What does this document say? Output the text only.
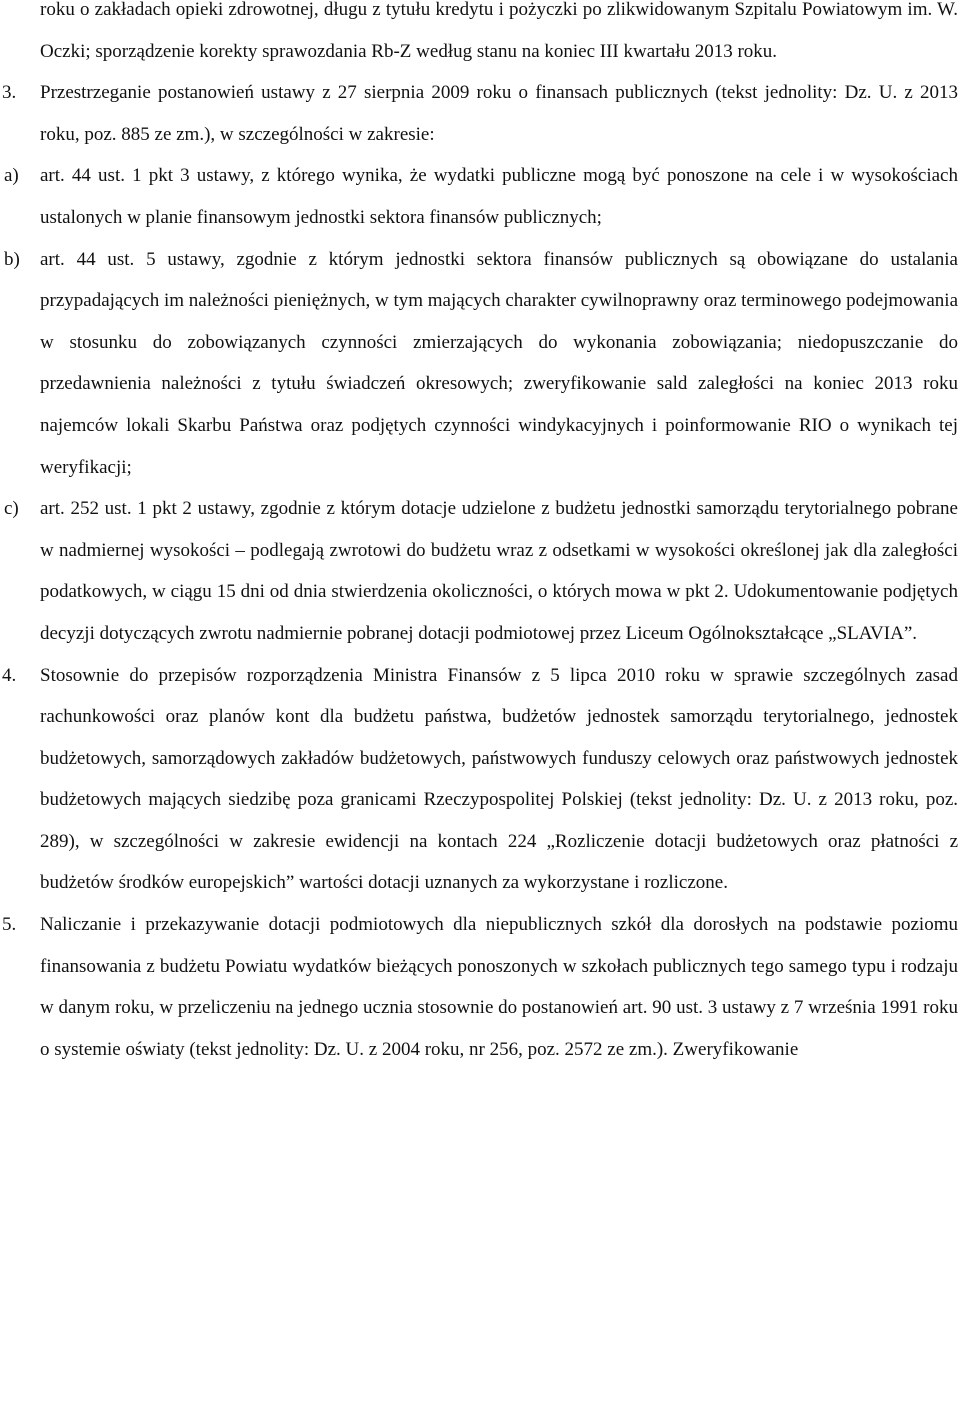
roku o zakładach opieki zdrowotnej, długu z tytułu kredytu i pożyczki po zlikwidowanym Szpitalu Powiatowym im. W. Oczki; sporządzenie korekty sprawozdania Rb-Z według stanu na koniec III kwartału 2013 roku.
3.	Przestrzeganie postanowień ustawy z 27 sierpnia 2009 roku o finansach publicznych (tekst jednolity: Dz. U. z 2013 roku, poz. 885 ze zm.), w szczególności w zakresie:
a)	art. 44 ust. 1 pkt 3 ustawy, z którego wynika, że wydatki publiczne mogą być ponoszone na cele i w wysokościach ustalonych w planie finansowym jednostki sektora finansów publicznych;
b)	art. 44 ust. 5 ustawy, zgodnie z którym jednostki sektora finansów publicznych są obowiązane do ustalania przypadających im należności pieniężnych, w tym mających charakter cywilnoprawny oraz terminowego podejmowania w stosunku do zobowiązanych czynności zmierzających do wykonania zobowiązania; niedopuszczanie do przedawnienia należności z tytułu świadczeń okresowych; zweryfikowanie sald zaległości na koniec 2013 roku najemców lokali Skarbu Państwa oraz podjętych czynności windykacyjnych i poinformowanie RIO o wynikach tej weryfikacji;
c)	art. 252 ust. 1 pkt 2 ustawy, zgodnie z którym dotacje udzielone z budżetu jednostki samorządu terytorialnego pobrane w nadmiernej wysokości – podlegają zwrotowi do budżetu wraz z odsetkami w wysokości określonej jak dla zaległości podatkowych, w ciągu 15 dni od dnia stwierdzenia okoliczności, o których mowa w pkt 2. Udokumentowanie podjętych decyzji dotyczących zwrotu nadmiernie pobranej dotacji podmiotowej przez Liceum Ogólnokształcące „SLAVIA”.
4.	Stosownie do przepisów rozporządzenia Ministra Finansów z 5 lipca 2010 roku w sprawie szczególnych zasad rachunkowości oraz planów kont dla budżetu państwa, budżetów jednostek samorządu terytorialnego, jednostek budżetowych, samorządowych zakładów budżetowych, państwowych funduszy celowych oraz państwowych jednostek budżetowych mających siedzibę poza granicami Rzeczypospolitej Polskiej (tekst jednolity: Dz. U. z 2013 roku, poz. 289), w szczególności w zakresie ewidencji na kontach 224 „Rozliczenie dotacji budżetowych oraz płatności z budżetów środków europejskich” wartości dotacji uznanych za wykorzystane i rozliczone.
5.	Naliczanie i przekazywanie dotacji podmiotowych dla niepublicznych szkół dla dorosłych na podstawie poziomu finansowania z budżetu Powiatu wydatków bieżących ponoszonych w szkołach publicznych tego samego typu i rodzaju w danym roku, w przeliczeniu na jednego ucznia stosownie do postanowień art. 90 ust. 3 ustawy z 7 września 1991 roku o systemie oświaty (tekst jednolity: Dz. U. z 2004 roku, nr 256, poz. 2572 ze zm.). Zweryfikowanie
